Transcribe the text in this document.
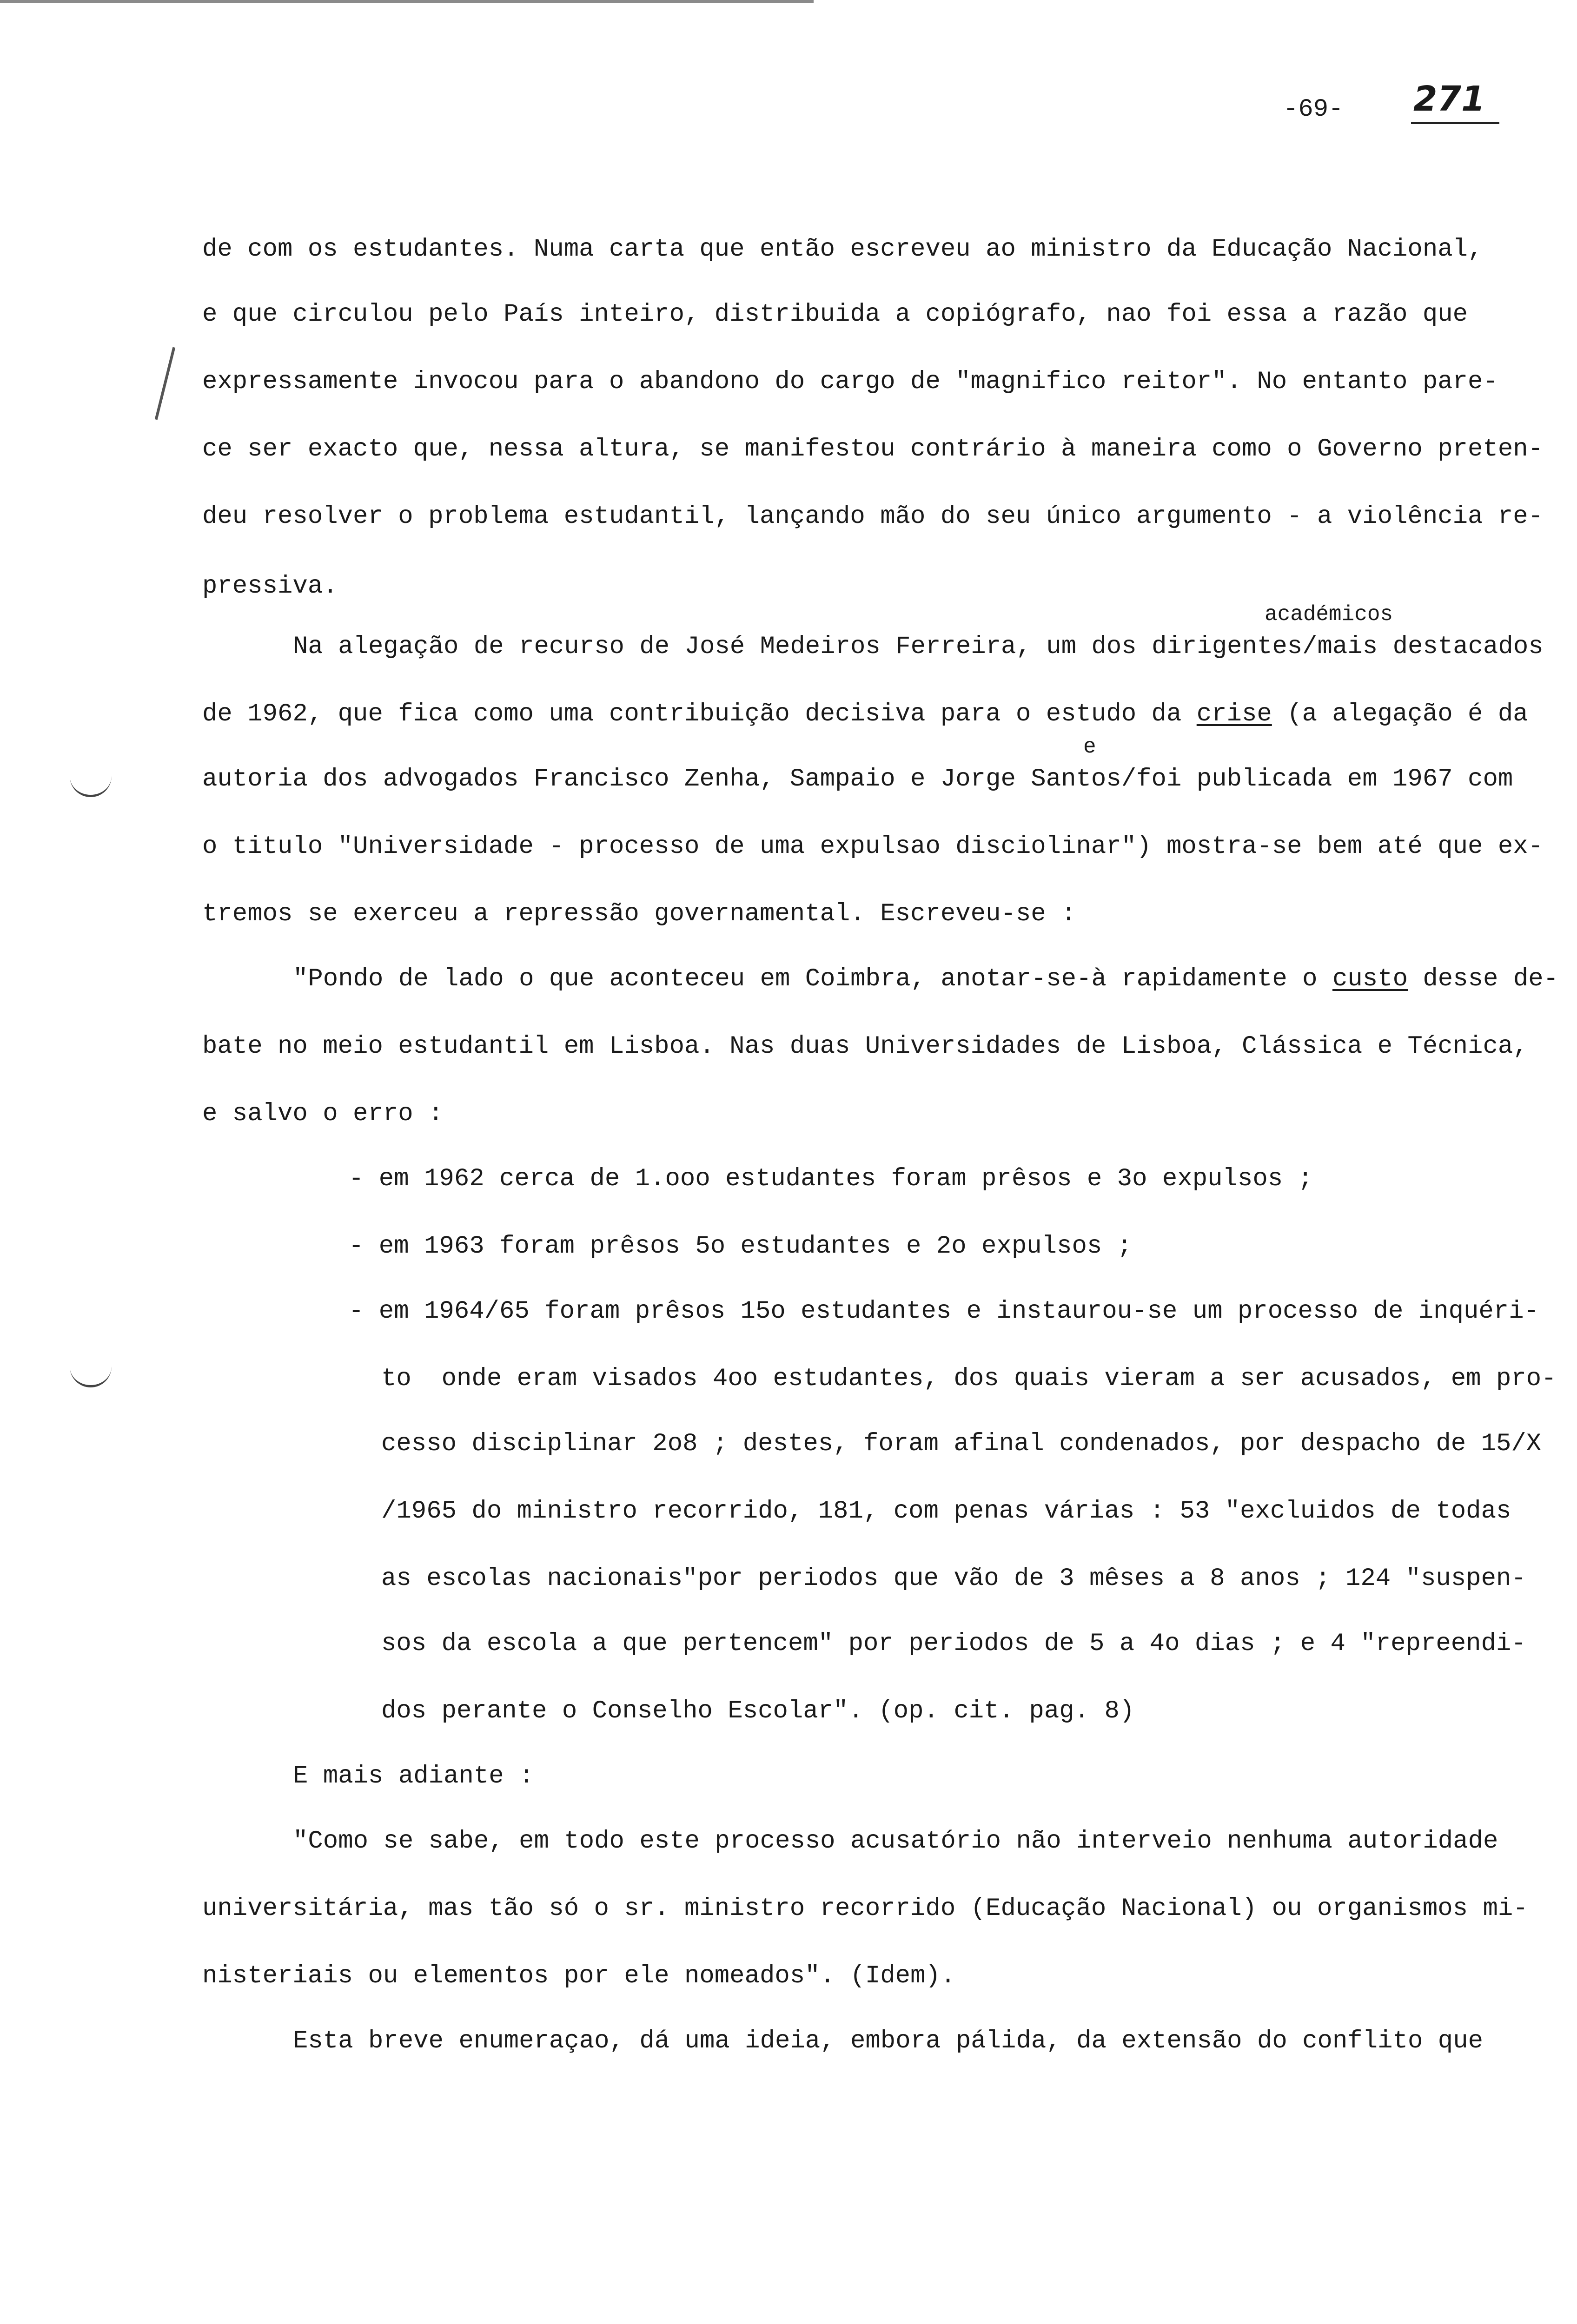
-69- 271
de com os estudantes. Numa carta que então escreveu ao ministro da Educação Nacional,
e que circulou pelo País inteiro, distribuida a copiógrafo, nao foi essa a razão que
expressamente invocou para o abandono do cargo de "magnifico reitor". No entanto pare-
ce ser exacto que, nessa altura, se manifestou contrário à maneira como o Governo preten-
deu resolver o problema estudantil, lançando mão do seu único argumento - a violência re-
pressiva.
académicos
Na alegação de recurso de José Medeiros Ferreira, um dos dirigentes/mais destacados
de 1962, que fica como uma contribuição decisiva para o estudo da crise (a alegação é da
e
autoria dos advogados Francisco Zenha, Sampaio e Jorge Santos/foi publicada em 1967 com
o titulo "Universidade - processo de uma expulsao disciolinar") mostra-se bem até que ex-
tremos se exerceu a repressão governamental. Escreveu-se :
"Pondo de lado o que aconteceu em Coimbra, anotar-se-à rapidamente o custo desse de-
bate no meio estudantil em Lisboa. Nas duas Universidades de Lisboa, Clássica e Técnica,
e salvo o erro :
- em 1962 cerca de 1.ooo estudantes foram prêsos e 3o expulsos ;
- em 1963 foram prêsos 5o estudantes e 2o expulsos ;
- em 1964/65 foram prêsos 15o estudantes e instaurou-se um processo de inquéri-
to  onde eram visados 4oo estudantes, dos quais vieram a ser acusados, em pro-
cesso disciplinar 2o8 ; destes, foram afinal condenados, por despacho de 15/X
/1965 do ministro recorrido, 181, com penas várias : 53 "excluidos de todas
as escolas nacionais"por periodos que vão de 3 mêses a 8 anos ; 124 "suspen-
sos da escola a que pertencem" por periodos de 5 a 4o dias ; e 4 "repreendi-
dos perante o Conselho Escolar". (op. cit. pag. 8)
E mais adiante :
"Como se sabe, em todo este processo acusatório não interveio nenhuma autoridade
universitária, mas tão só o sr. ministro recorrido (Educação Nacional) ou organismos mi-
nisteriais ou elementos por ele nomeados". (Idem).
Esta breve enumeraçao, dá uma ideia, embora pálida, da extensão do conflito que
